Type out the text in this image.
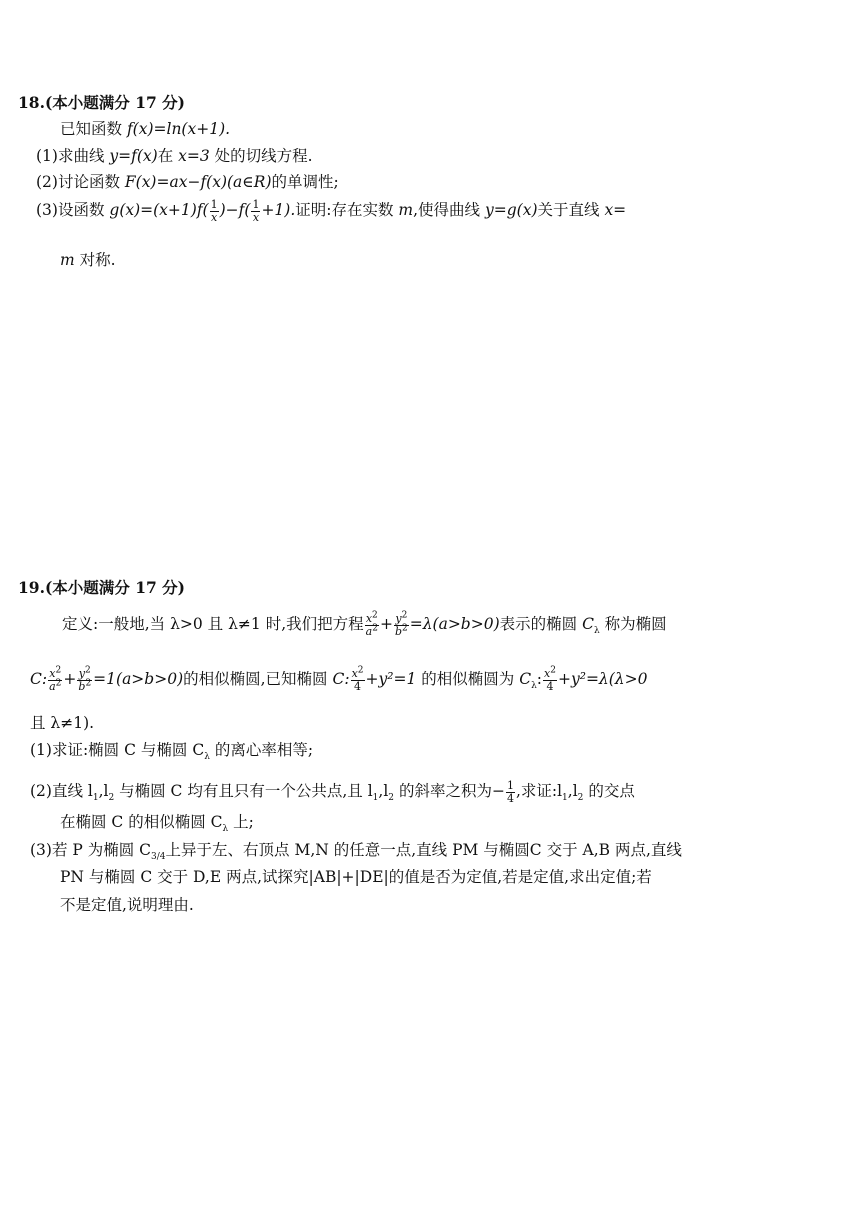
18.(本小题满分 17 分)
已知函数 f(x)=ln(x+1).
(1)求曲线 y=f(x)在 x=3 处的切线方程.
(2)讨论函数 F(x)=ax−f(x)(a∈R)的单调性;
(3)设函数 $g(x)=(x+1)f( \frac{1}{x} )-f( \frac{1}{x} +1)$.证明:存在实数 m,使得曲线 y=g(x)关于直线 x=
m 对称.
19.(本小题满分 17 分)
定义:一般地,当 λ>0 且 λ≠1 时,我们把方程 $\frac{x^2}{a^2} + \frac{y^2}{b^2} =\lambda(a>b>0)$表示的椭圆 $C_\lambda$ 称为椭圆
C: $\frac{x^2}{a^2} + \frac{y^2}{b^2} =1(a>b>0)$的相似椭圆,已知椭圆 C: $\frac{x^2}{4} +y^2=1$ 的相似椭圆为 $C_\lambda$: $\frac{x^2}{4} +y^2=\lambda(\lambda>0$
且 λ≠1).
(1)求证:椭圆 C 与椭圆 $C_\lambda$ 的离心率相等;
(2)直线 $l_1,l_2$ 与椭圆 C 均有且只有一个公共点,且 $l_1,l_2$ 的斜率之积为− $\frac{1}{4}$ ,求证$:l_1,l_2$ 的交点
在椭圆 C 的相似椭圆 $C_\lambda$ 上;
(3)若 P 为椭圆 $C_{3/4}$上异于左、右顶点 M,N 的任意一点,直线 PM 与椭圆C 交于 A,B 两点,直线
PN 与椭圆 C 交于 D,E 两点,试探究|AB|+|DE|的值是否为定值,若是定值,求出定值;若
不是定值,说明理由.
